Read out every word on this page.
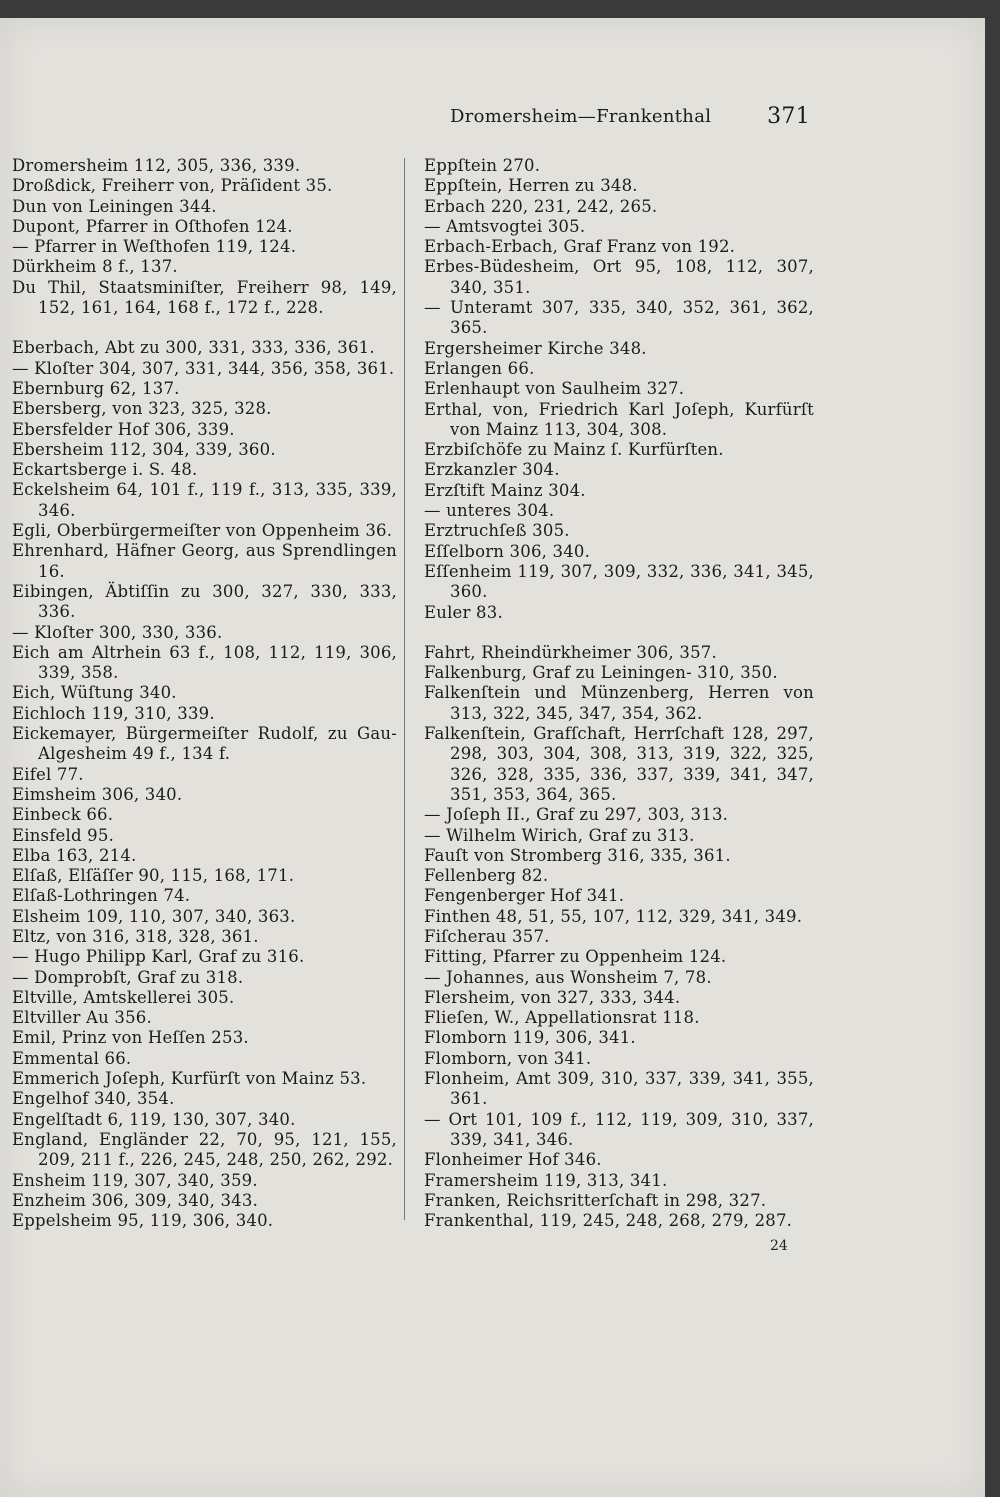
Dromersheim—Frankenthal	371
Dromersheim 112, 305, 336, 339.
Droßdick, Freiherr von, Präſident 35.
Dun von Leiningen 344.
Dupont, Pfarrer in Oſthofen 124.
— Pfarrer in Weſthofen 119, 124.
Dürkheim 8 f., 137.
Du Thil, Staatsminiſter, Freiherr 98, 149, 152, 161, 164, 168 f., 172 f., 228.
Eberbach, Abt zu 300, 331, 333, 336, 361.
— Kloſter 304, 307, 331, 344, 356, 358, 361.
Ebernburg 62, 137.
Ebersberg, von 323, 325, 328.
Ebersfelder Hof 306, 339.
Ebersheim 112, 304, 339, 360.
Eckartsberge i. S. 48.
Eckelsheim 64, 101 f., 119 f., 313, 335, 339, 346.
Egli, Oberbürgermeiſter von Oppenheim 36.
Ehrenhard, Häfner Georg, aus Sprendlingen 16.
Eibingen, Äbtiſſin zu 300, 327, 330, 333, 336.
— Kloſter 300, 330, 336.
Eich am Altrhein 63 f., 108, 112, 119, 306, 339, 358.
Eich, Wüſtung 340.
Eichloch 119, 310, 339.
Eickemayer, Bürgermeiſter Rudolf, zu Gau-Algesheim 49 f., 134 f.
Eifel 77.
Eimsheim 306, 340.
Einbeck 66.
Einsfeld 95.
Elba 163, 214.
Elſaß, Elſäſſer 90, 115, 168, 171.
Elſaß-Lothringen 74.
Elsheim 109, 110, 307, 340, 363.
Eltz, von 316, 318, 328, 361.
— Hugo Philipp Karl, Graf zu 316.
— Domprobſt, Graf zu 318.
Eltville, Amtskellerei 305.
Eltviller Au 356.
Emil, Prinz von Heſſen 253.
Emmental 66.
Emmerich Joſeph, Kurfürſt von Mainz 53.
Engelhof 340, 354.
Engelſtadt 6, 119, 130, 307, 340.
England, Engländer 22, 70, 95, 121, 155, 209, 211 f., 226, 245, 248, 250, 262, 292.
Ensheim 119, 307, 340, 359.
Enzheim 306, 309, 340, 343.
Eppelsheim 95, 119, 306, 340.
Eppſtein 270.
Eppſtein, Herren zu 348.
Erbach 220, 231, 242, 265.
— Amtsvogtei 305.
Erbach-Erbach, Graf Franz von 192.
Erbes-Büdesheim, Ort 95, 108, 112, 307, 340, 351.
— Unteramt 307, 335, 340, 352, 361, 362, 365.
Ergersheimer Kirche 348.
Erlangen 66.
Erlenhaupt von Saulheim 327.
Erthal, von, Friedrich Karl Joſeph, Kurfürſt von Mainz 113, 304, 308.
Erzbiſchöfe zu Mainz ſ. Kurfürſten.
Erzkanzler 304.
Erzſtift Mainz 304.
— unteres 304.
Erztruchſeß 305.
Eſſelborn 306, 340.
Eſſenheim 119, 307, 309, 332, 336, 341, 345, 360.
Euler 83.
Fahrt, Rheindürkheimer 306, 357.
Falkenburg, Graf zu Leiningen- 310, 350.
Falkenſtein und Münzenberg, Herren von 313, 322, 345, 347, 354, 362.
Falkenſtein, Grafſchaft, Herrſchaft 128, 297, 298, 303, 304, 308, 313, 319, 322, 325, 326, 328, 335, 336, 337, 339, 341, 347, 351, 353, 364, 365.
— Joſeph II., Graf zu 297, 303, 313.
— Wilhelm Wirich, Graf zu 313.
Fauſt von Stromberg 316, 335, 361.
Fellenberg 82.
Fengenberger Hof 341.
Finthen 48, 51, 55, 107, 112, 329, 341, 349.
Fiſcherau 357.
Fitting, Pfarrer zu Oppenheim 124.
— Johannes, aus Wonsheim 7, 78.
Flersheim, von 327, 333, 344.
Flieſen, W., Appellationsrat 118.
Flomborn 119, 306, 341.
Flomborn, von 341.
Flonheim, Amt 309, 310, 337, 339, 341, 355, 361.
— Ort 101, 109 f., 112, 119, 309, 310, 337, 339, 341, 346.
Flonheimer Hof 346.
Framersheim 119, 313, 341.
Franken, Reichsritterſchaft in 298, 327.
Frankenthal, 119, 245, 248, 268, 279, 287.
24
